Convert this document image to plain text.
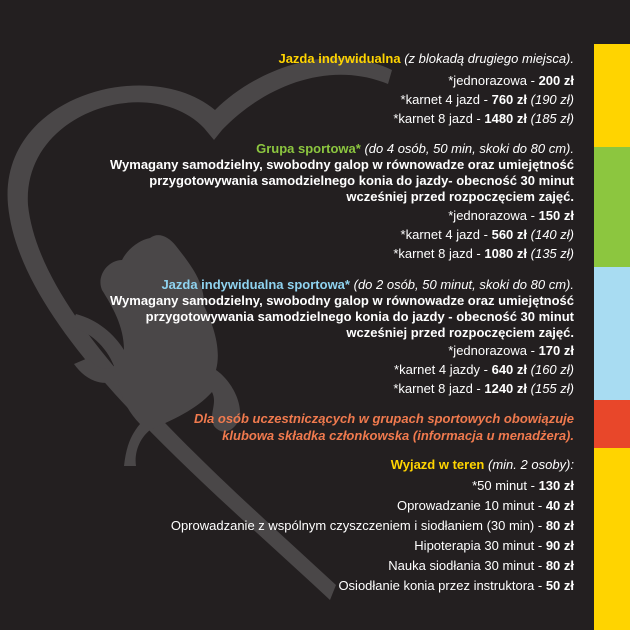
Jazda indywidualna (z blokadą drugiego miejsca).
*jednorazowa - 200 zł
*karnet 4 jazd - 760 zł (190 zł)
*karnet 8 jazd - 1480 zł (185 zł)
Grupa sportowa* (do 4 osób, 50 min, skoki do 80 cm).
Wymagany samodzielny, swobodny galop w równowadze oraz umiejętność
przygotowywania samodzielnego konia do jazdy- obecność 30 minut
wcześniej przed rozpoczęciem zajęć.
*jednorazowa - 150 zł
*karnet 4 jazd - 560 zł (140 zł)
*karnet 8 jazd - 1080 zł (135 zł)
Jazda indywidualna sportowa* (do 2 osób, 50 minut, skoki do 80 cm).
Wymagany samodzielny, swobodny galop w równowadze oraz umiejętność
przygotowywania samodzielnego konia do jazdy - obecność 30 minut
wcześniej przed rozpoczęciem zajęć.
*jednorazowa - 170 zł
*karnet 4 jazdy - 640 zł (160 zł)
*karnet 8 jazd - 1240 zł (155 zł)
Dla osób uczestniczących w grupach sportowych obowiązuje
klubowa składka członkowska (informacja u menadżera).
Wyjazd w teren (min. 2 osoby):
*50 minut - 130 zł
Oprowadzanie 10 minut - 40 zł
Oprowadzanie z wspólnym czyszczeniem i siodłaniem (30 min) - 80 zł
Hipoterapia 30 minut - 90 zł
Nauka siodłania 30 minut - 80 zł
Osiodłanie konia przez instruktora - 50 zł
